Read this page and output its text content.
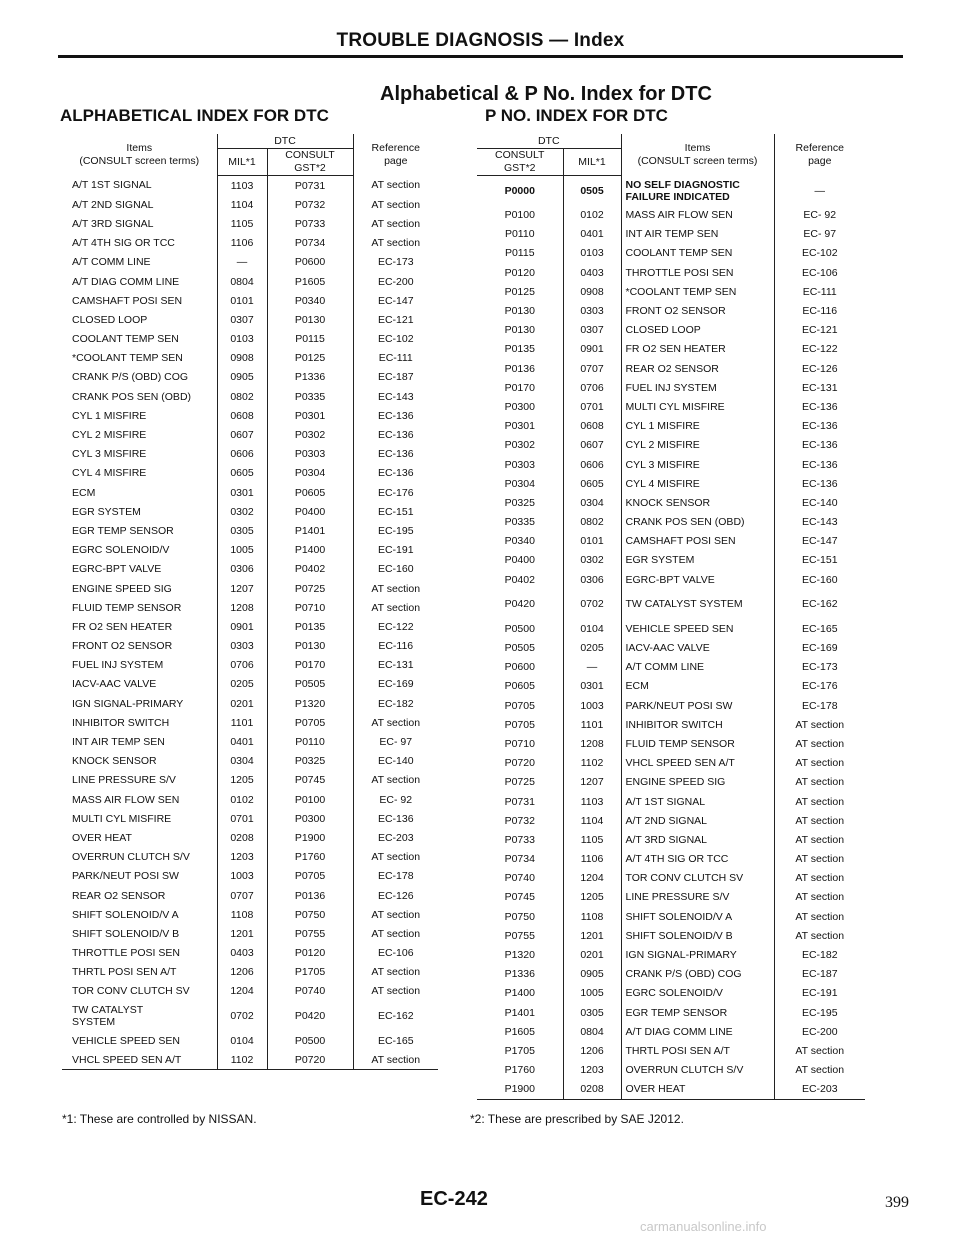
TROUBLE DIAGNOSIS — Index
Alphabetical & P No. Index for DTC
ALPHABETICAL INDEX FOR DTC	P NO. INDEX FOR DTC
Items
(CONSULT screen terms)	DTC		Reference
page
	MIL*1	CONSULT
GST*2	
A/T 1ST SIGNAL	1103	P0731	AT section
A/T 2ND SIGNAL	1104	P0732	AT section
A/T 3RD SIGNAL	1105	P0733	AT section
A/T 4TH SIG OR TCC	1106	P0734	AT section
A/T COMM LINE	—	P0600	EC-173
A/T DIAG COMM LINE	0804	P1605	EC-200
CAMSHAFT POSI SEN	0101	P0340	EC-147
CLOSED LOOP	0307	P0130	EC-121
COOLANT TEMP SEN	0103	P0115	EC-102
*COOLANT TEMP SEN	0908	P0125	EC-111
CRANK P/S (OBD) COG	0905	P1336	EC-187
CRANK POS SEN (OBD)	0802	P0335	EC-143
CYL 1 MISFIRE	0608	P0301	EC-136
CYL 2 MISFIRE	0607	P0302	EC-136
CYL 3 MISFIRE	0606	P0303	EC-136
CYL 4 MISFIRE	0605	P0304	EC-136
ECM	0301	P0605	EC-176
EGR SYSTEM	0302	P0400	EC-151
EGR TEMP SENSOR	0305	P1401	EC-195
EGRC SOLENOID/V	1005	P1400	EC-191
EGRC-BPT VALVE	0306	P0402	EC-160
ENGINE SPEED SIG	1207	P0725	AT section
FLUID TEMP SENSOR	1208	P0710	AT section
FR O2 SEN HEATER	0901	P0135	EC-122
FRONT O2 SENSOR	0303	P0130	EC-116
FUEL INJ SYSTEM	0706	P0170	EC-131
IACV-AAC VALVE	0205	P0505	EC-169
IGN SIGNAL-PRIMARY	0201	P1320	EC-182
INHIBITOR SWITCH	1101	P0705	AT section
INT AIR TEMP SEN	0401	P0110	EC- 97
KNOCK SENSOR	0304	P0325	EC-140
LINE PRESSURE S/V	1205	P0745	AT section
MASS AIR FLOW SEN	0102	P0100	EC- 92
MULTI CYL MISFIRE	0701	P0300	EC-136
OVER HEAT	0208	P1900	EC-203
OVERRUN CLUTCH S/V	1203	P1760	AT section
PARK/NEUT POSI SW	1003	P0705	EC-178
REAR O2 SENSOR	0707	P0136	EC-126
SHIFT SOLENOID/V A	1108	P0750	AT section
SHIFT SOLENOID/V B	1201	P0755	AT section
THROTTLE POSI SEN	0403	P0120	EC-106
THRTL POSI SEN A/T	1206	P1705	AT section
TOR CONV CLUTCH SV	1204	P0740	AT section
TW CATALYST SYSTEM	0702	P0420	EC-162
VEHICLE SPEED SEN	0104	P0500	EC-165
VHCL SPEED SEN A/T	1102	P0720	AT section
DTC		Items
(CONSULT screen terms)	Reference
page
CONSULT
GST*2	MIL*1		
P0000	0505	NO SELF DIAGNOSTIC FAILURE INDICATED	—
P0100	0102	MASS AIR FLOW SEN	EC- 92
P0110	0401	INT AIR TEMP SEN	EC- 97
P0115	0103	COOLANT TEMP SEN	EC-102
P0120	0403	THROTTLE POSI SEN	EC-106
P0125	0908	*COOLANT TEMP SEN	EC-111
P0130	0303	FRONT O2 SENSOR	EC-116
P0130	0307	CLOSED LOOP	EC-121
P0135	0901	FR O2 SEN HEATER	EC-122
P0136	0707	REAR O2 SENSOR	EC-126
P0170	0706	FUEL INJ SYSTEM	EC-131
P0300	0701	MULTI CYL MISFIRE	EC-136
P0301	0608	CYL 1 MISFIRE	EC-136
P0302	0607	CYL 2 MISFIRE	EC-136
P0303	0606	CYL 3 MISFIRE	EC-136
P0304	0605	CYL 4 MISFIRE	EC-136
P0325	0304	KNOCK SENSOR	EC-140
P0335	0802	CRANK POS SEN (OBD)	EC-143
P0340	0101	CAMSHAFT POSI SEN	EC-147
P0400	0302	EGR SYSTEM	EC-151
P0402	0306	EGRC-BPT VALVE	EC-160
P0420	0702	TW CATALYST SYSTEM	EC-162
P0500	0104	VEHICLE SPEED SEN	EC-165
P0505	0205	IACV-AAC VALVE	EC-169
P0600	—	A/T COMM LINE	EC-173
P0605	0301	ECM	EC-176
P0705	1003	PARK/NEUT POSI SW	EC-178
P0705	1101	INHIBITOR SWITCH	AT section
P0710	1208	FLUID TEMP SENSOR	AT section
P0720	1102	VHCL SPEED SEN A/T	AT section
P0725	1207	ENGINE SPEED SIG	AT section
P0731	1103	A/T 1ST SIGNAL	AT section
P0732	1104	A/T 2ND SIGNAL	AT section
P0733	1105	A/T 3RD SIGNAL	AT section
P0734	1106	A/T 4TH SIG OR TCC	AT section
P0740	1204	TOR CONV CLUTCH SV	AT section
P0745	1205	LINE PRESSURE S/V	AT section
P0750	1108	SHIFT SOLENOID/V A	AT section
P0755	1201	SHIFT SOLENOID/V B	AT section
P1320	0201	IGN SIGNAL-PRIMARY	EC-182
P1336	0905	CRANK P/S (OBD) COG	EC-187
P1400	1005	EGRC SOLENOID/V	EC-191
P1401	0305	EGR TEMP SENSOR	EC-195
P1605	0804	A/T DIAG COMM LINE	EC-200
P1705	1206	THRTL POSI SEN A/T	AT section
P1760	1203	OVERRUN CLUTCH S/V	AT section
P1900	0208	OVER HEAT	EC-203
*1: These are controlled by NISSAN.	*2: These are prescribed by SAE J2012.
EC-242	399
carmanualsonline.info
